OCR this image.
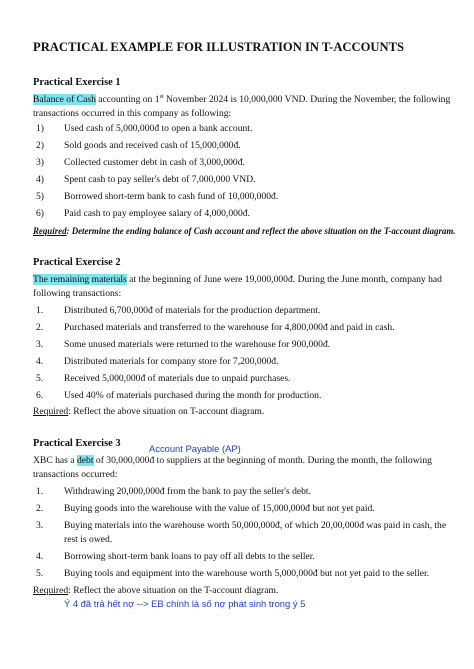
PRACTICAL EXAMPLE FOR ILLUSTRATION IN T-ACCOUNTS
Practical Exercise 1
Balance of Cash accounting on 1st November 2024 is 10,000,000 VND. During the November, the following
transactions occurred in this company as following:
1) Used cash of 5,000,000đ to open a bank account.
2) Sold goods and received cash of 15,000,000đ.
3) Collected customer debt in cash of 3,000,000đ.
4) Spent cash to pay seller's debt of 7,000,000 VND.
5) Borrowed short-term bank to cash fund of 10,000,000đ.
6) Paid cash to pay employee salary of 4,000,000đ.
Required: Determine the ending balance of Cash account and reflect the above situation on the T-account diagram.
Practical Exercise 2
The remaining materials at the beginning of June were 19,000,000đ. During the June month, company had
following transactions:
1. Distributed 6,700,000đ of materials for the production department.
2. Purchased materials and transferred to the warehouse for 4,800,000đ and paid in cash.
3. Some unused materials were returned to the warehouse for 900,000đ.
4. Distributed materials for company store for 7,200,000đ.
5. Received 5,000,000đ of materials due to unpaid purchases.
6. Used 40% of materials purchased during the month for production.
Required: Reflect the above situation on T-account diagram.
Practical Exercise 3	Account Payable (AP)
XBC has a debt of 30,000,000đ to suppliers at the beginning of month. During the month, the following
transactions occurred:
1. Withdrawing 20,000,000đ from the bank to pay the seller's debt.
2. Buying goods into the warehouse with the value of 15,000,000đ but not yet paid.
3. Buying materials into the warehouse worth 50,000,000đ, of which 20,00,000đ was paid in cash, the
rest is owed.
4. Borrowing short-term bank loans to pay off all debts to the seller.
5. Buying tools and equipment into the warehouse worth 5,000,000đ but not yet paid to the seller.
Required: Reflect the above situation on the T-account diagram.
Ý 4 đã trả hết nợ --> EB chính là số nợ phát sinh trong ý 5
